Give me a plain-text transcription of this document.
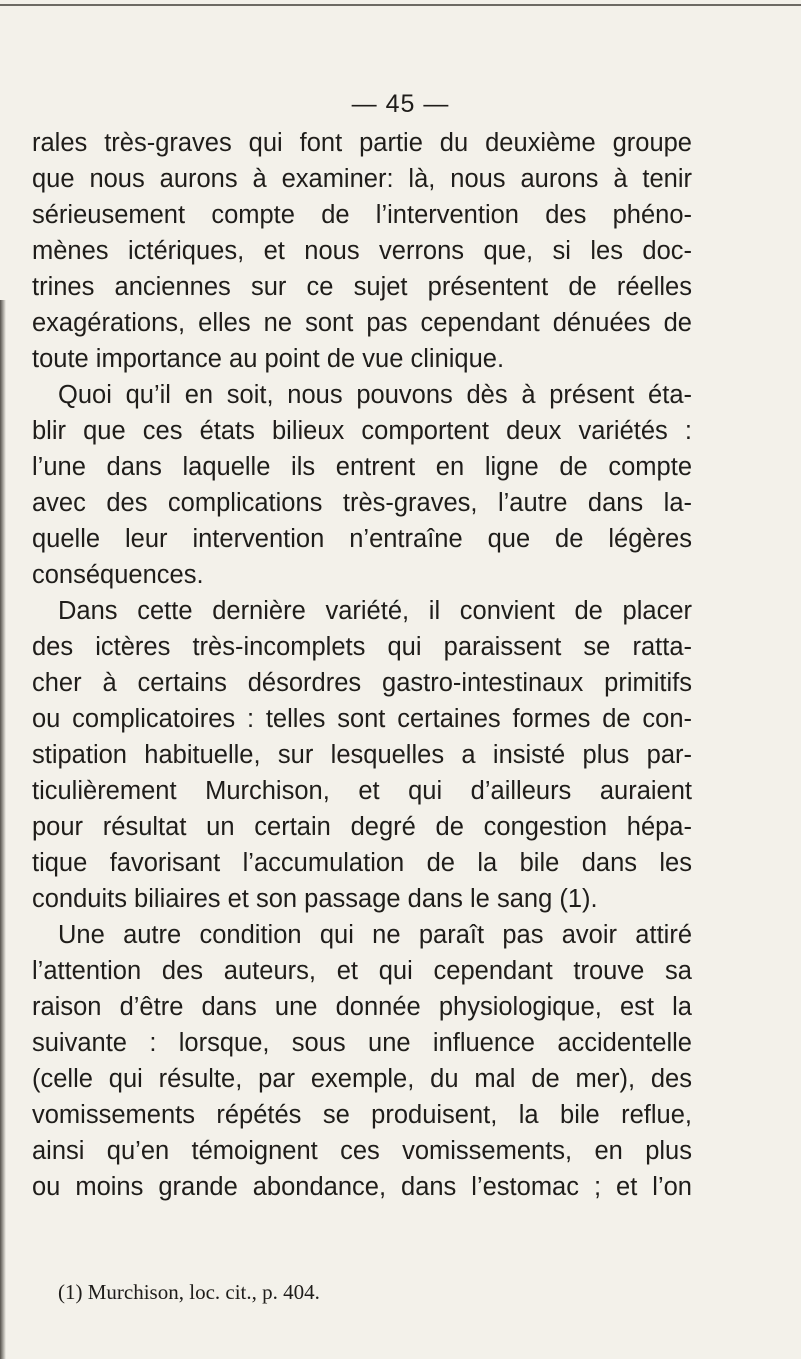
— 45 —
rales très-graves qui font partie du deuxième groupe
que nous aurons à examiner: là, nous aurons à tenir
sérieusement compte de l’intervention des phéno-
mènes ictériques, et nous verrons que, si les doc-
trines anciennes sur ce sujet présentent de réelles
exagérations, elles ne sont pas cependant dénuées de
toute importance au point de vue clinique.
Quoi qu’il en soit, nous pouvons dès à présent éta-
blir que ces états bilieux comportent deux variétés :
l’une dans laquelle ils entrent en ligne de compte
avec des complications très-graves, l’autre dans la-
quelle leur intervention n’entraîne que de légères
conséquences.
Dans cette dernière variété, il convient de placer
des ictères très-incomplets qui paraissent se ratta-
cher à certains désordres gastro-intestinaux primitifs
ou complicatoires : telles sont certaines formes de con-
stipation habituelle, sur lesquelles a insisté plus par-
ticulièrement Murchison, et qui d’ailleurs auraient
pour résultat un certain degré de congestion hépa-
tique favorisant l’accumulation de la bile dans les
conduits biliaires et son passage dans le sang (1).
Une autre condition qui ne paraît pas avoir attiré
l’attention des auteurs, et qui cependant trouve sa
raison d’être dans une donnée physiologique, est la
suivante : lorsque, sous une influence accidentelle
(celle qui résulte, par exemple, du mal de mer), des
vomissements répétés se produisent, la bile reflue,
ainsi qu’en témoignent ces vomissements, en plus
ou moins grande abondance, dans l’estomac ; et l’on
(1) Murchison, loc. cit., p. 404.
